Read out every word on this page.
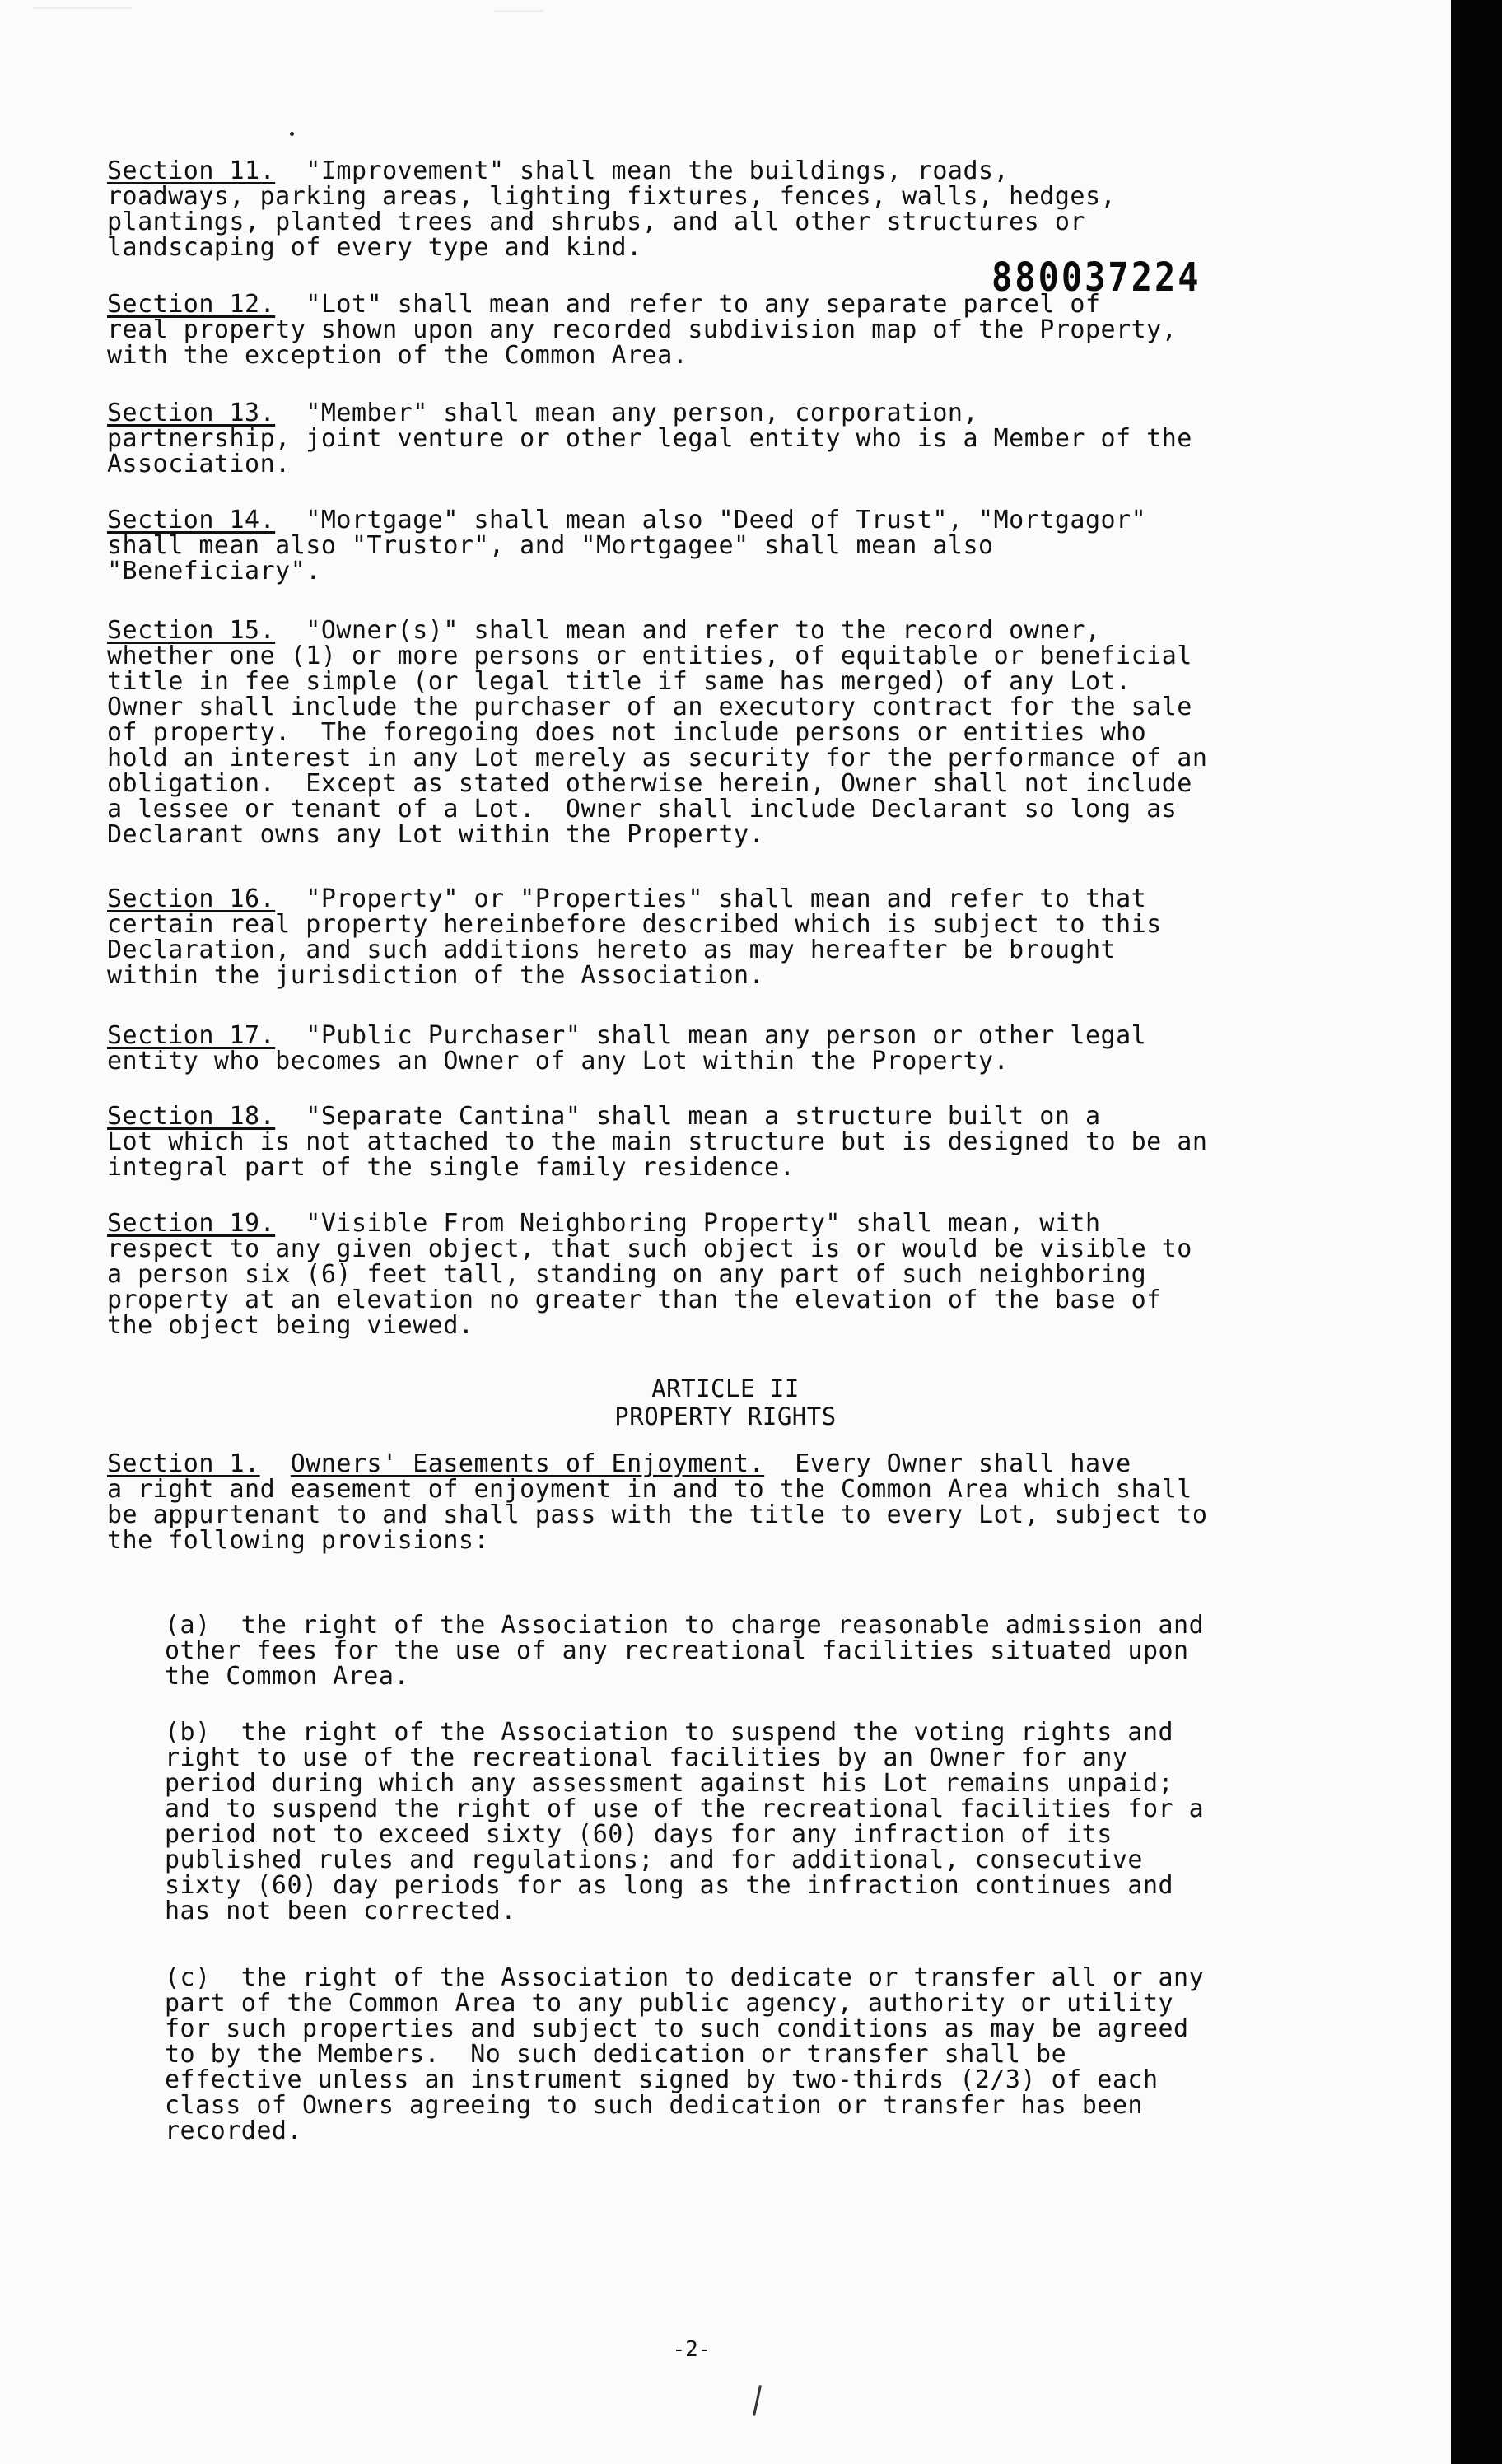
Section 11.  "Improvement" shall mean the buildings, roads,
roadways, parking areas, lighting fixtures, fences, walls, hedges,
plantings, planted trees and shrubs, and all other structures or
landscaping of every type and kind.
880037224
Section 12.  "Lot" shall mean and refer to any separate parcel of
real property shown upon any recorded subdivision map of the Property,
with the exception of the Common Area.
Section 13.  "Member" shall mean any person, corporation,
partnership, joint venture or other legal entity who is a Member of the
Association.
Section 14.  "Mortgage" shall mean also "Deed of Trust", "Mortgagor"
shall mean also "Trustor", and "Mortgagee" shall mean also
"Beneficiary".
Section 15.  "Owner(s)" shall mean and refer to the record owner,
whether one (1) or more persons or entities, of equitable or beneficial
title in fee simple (or legal title if same has merged) of any Lot.
Owner shall include the purchaser of an executory contract for the sale
of property.  The foregoing does not include persons or entities who
hold an interest in any Lot merely as security for the performance of an
obligation.  Except as stated otherwise herein, Owner shall not include
a lessee or tenant of a Lot.  Owner shall include Declarant so long as
Declarant owns any Lot within the Property.
Section 16.  "Property" or "Properties" shall mean and refer to that
certain real property hereinbefore described which is subject to this
Declaration, and such additions hereto as may hereafter be brought
within the jurisdiction of the Association.
Section 17.  "Public Purchaser" shall mean any person or other legal
entity who becomes an Owner of any Lot within the Property.
Section 18.  "Separate Cantina" shall mean a structure built on a
Lot which is not attached to the main structure but is designed to be an
integral part of the single family residence.
Section 19.  "Visible From Neighboring Property" shall mean, with
respect to any given object, that such object is or would be visible to
a person six (6) feet tall, standing on any part of such neighboring
property at an elevation no greater than the elevation of the base of
the object being viewed.
ARTICLE II
PROPERTY RIGHTS
Section 1. Owners' Easements of Enjoyment.  Every Owner shall have
a right and easement of enjoyment in and to the Common Area which shall
be appurtenant to and shall pass with the title to every Lot, subject to
the following provisions:
(a)  the right of the Association to charge reasonable admission and
other fees for the use of any recreational facilities situated upon
the Common Area.
(b)  the right of the Association to suspend the voting rights and
right to use of the recreational facilities by an Owner for any
period during which any assessment against his Lot remains unpaid;
and to suspend the right of use of the recreational facilities for a
period not to exceed sixty (60) days for any infraction of its
published rules and regulations; and for additional, consecutive
sixty (60) day periods for as long as the infraction continues and
has not been corrected.
(c)  the right of the Association to dedicate or transfer all or any
part of the Common Area to any public agency, authority or utility
for such properties and subject to such conditions as may be agreed
to by the Members.  No such dedication or transfer shall be
effective unless an instrument signed by two-thirds (2/3) of each
class of Owners agreeing to such dedication or transfer has been
recorded.
-2-
